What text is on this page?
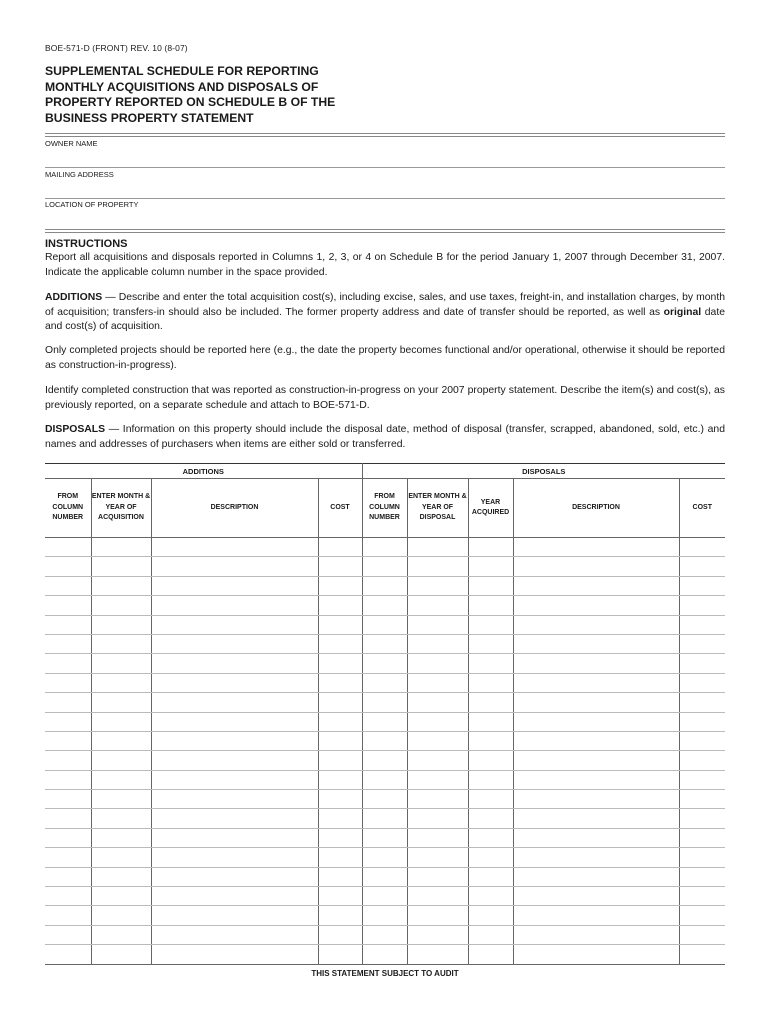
BOE-571-D (FRONT) REV. 10 (8-07)
SUPPLEMENTAL SCHEDULE FOR REPORTING MONTHLY ACQUISITIONS AND DISPOSALS OF PROPERTY REPORTED ON SCHEDULE B OF THE BUSINESS PROPERTY STATEMENT
OWNER NAME
MAILING ADDRESS
LOCATION OF PROPERTY
INSTRUCTIONS
Report all acquisitions and disposals reported in Columns 1, 2, 3, or 4 on Schedule B for the period January 1, 2007 through December 31, 2007. Indicate the applicable column number in the space provided.
ADDITIONS — Describe and enter the total acquisition cost(s), including excise, sales, and use taxes, freight-in, and installation charges, by month of acquisition; transfers-in should also be included. The former property address and date of transfer should be reported, as well as original date and cost(s) of acquisition.
Only completed projects should be reported here (e.g., the date the property becomes functional and/or operational, otherwise it should be reported as construction-in-progress).
Identify completed construction that was reported as construction-in-progress on your 2007 property statement. Describe the item(s) and cost(s), as previously reported, on a separate schedule and attach to BOE-571-D.
DISPOSALS — Information on this property should include the disposal date, method of disposal (transfer, scrapped, abandoned, sold, etc.) and names and addresses of purchasers when items are either sold or transferred.
ADDITIONS				DISPOSALS				
FROM COLUMN NUMBER	ENTER MONTH & YEAR OF ACQUISITION	DESCRIPTION	COST	FROM COLUMN NUMBER	ENTER MONTH & YEAR OF DISPOSAL	YEAR ACQUIRED	DESCRIPTION	COST

THIS STATEMENT SUBJECT TO AUDIT
